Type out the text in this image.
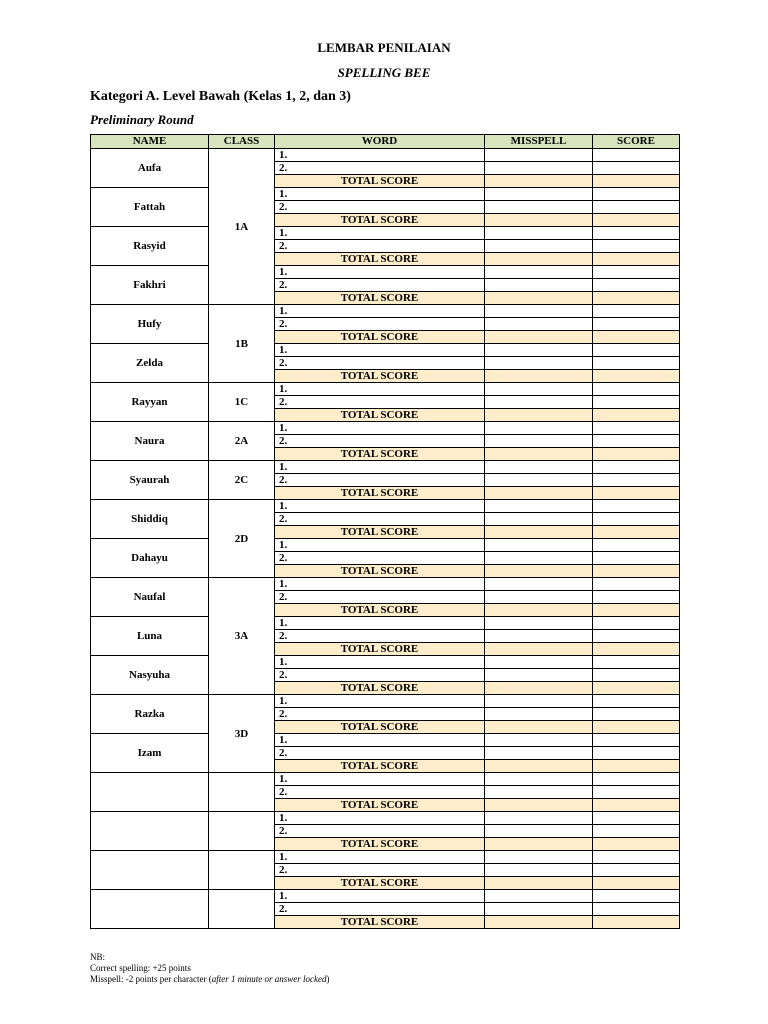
LEMBAR PENILAIAN
SPELLING BEE
Kategori A. Level Bawah (Kelas 1, 2, dan 3)
Preliminary Round
NAME	CLASS	WORD	MISSPELL	SCORE
Aufa	1A	1.		
		2.		
		TOTAL SCORE		
Fattah		1.		
		2.		
		TOTAL SCORE		
Rasyid		1.		
		2.		
		TOTAL SCORE		
Fakhri		1.		
		2.		
		TOTAL SCORE		
Hufy	1B	1.		
		2.		
		TOTAL SCORE		
Zelda		1.		
		2.		
		TOTAL SCORE		
Rayyan	1C	1.		
		2.		
		TOTAL SCORE		
Naura	2A	1.		
		2.		
		TOTAL SCORE		
Syaurah	2C	1.		
		2.		
		TOTAL SCORE		
Shiddiq	2D	1.		
		2.		
		TOTAL SCORE		
Dahayu		1.		
		2.		
		TOTAL SCORE		
Naufal	3A	1.		
		2.		
		TOTAL SCORE		
Luna		1.		
		2.		
		TOTAL SCORE		
Nasyuha		1.		
		2.		
		TOTAL SCORE		
Razka	3D	1.		
		2.		
		TOTAL SCORE		
Izam		1.		
		2.		
		TOTAL SCORE		
		1.		
		2.		
		TOTAL SCORE		
		1.		
		2.		
		TOTAL SCORE		
		1.		
		2.		
		TOTAL SCORE		
		1.		
		2.		
		TOTAL SCORE		
NB:
Correct spelling: +25 points
Misspell: -2 points per character (after 1 minute or answer locked)
